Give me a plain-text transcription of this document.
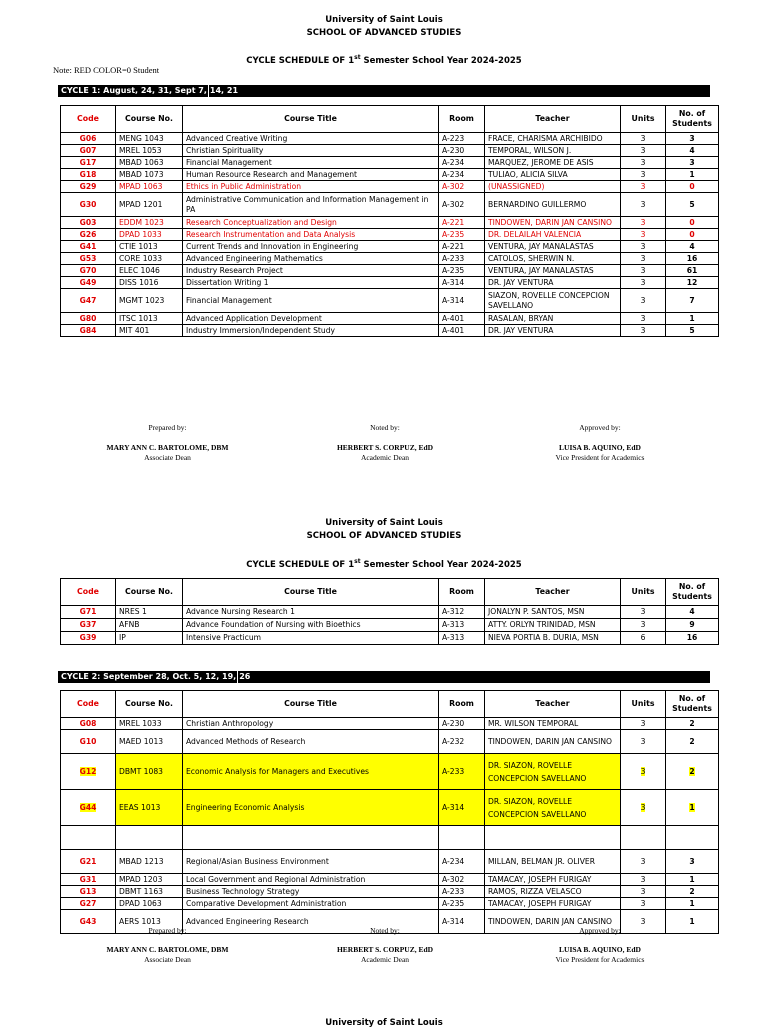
University of Saint Louis
SCHOOL OF ADVANCED STUDIES
CYCLE SCHEDULE OF 1st Semester School Year 2024-2025
Note: RED COLOR=0 Student
CYCLE 1: August, 24, 31, Sept 7, 14, 21
Code	Course No.	Course Title	Room	Teacher	Units	No. of Students
G06	MENG 1043	Advanced Creative Writing	A-223	FRACE, CHARISMA ARCHIBIDO	3	3
G07	MREL 1053	Christian Spirituality	A-230	TEMPORAL, WILSON J.	3	4
G17	MBAD 1063	Financial Management	A-234	MARQUEZ, JEROME DE ASIS	3	3
G18	MBAD 1073	Human Resource Research and Management	A-234	TULIAO, ALICIA SILVA	3	1
G29	MPAD 1063	Ethics in Public Administration	A-302	(UNASSIGNED)	3	0
G30	MPAD 1201	Administrative Communication and Information Management in PA	A-302	BERNARDINO GUILLERMO	3	5
G03	EDDM 1023	Research Conceptualization and Design	A-221	TINDOWEN, DARIN JAN CANSINO	3	0
G26	DPAD 1033	Research Instrumentation and Data Analysis	A-235	DR. DELAILAH VALENCIA	3	0
G41	CTIE 1013	Current Trends and Innovation in Engineering	A-221	VENTURA, JAY MANALASTAS	3	4
G53	CORE 1033	Advanced Engineering Mathematics	A-233	CATOLOS, SHERWIN N.	3	16
G70	ELEC 1046	Industry Research Project	A-235	VENTURA, JAY MANALASTAS	3	61
G49	DISS 1016	Dissertation Writing 1	A-314	DR. JAY VENTURA	3	12
G47	MGMT 1023	Financial Management	A-314	SIAZON, ROVELLE CONCEPCION SAVELLANO	3	7
G80	ITSC 1013	Advanced Application Development	A-401	RASALAN, BRYAN	3	1
G84	MIT 401	Industry Immersion/Independent Study	A-401	DR. JAY VENTURA	3	5
Prepared by:
MARY ANN C. BARTOLOME, DBM
Associate Dean
Noted by:
HERBERT S. CORPUZ, EdD
Academic Dean
Approved by:
LUISA B. AQUINO, EdD
Vice President for Academics
University of Saint Louis
SCHOOL OF ADVANCED STUDIES
CYCLE SCHEDULE OF 1st Semester School Year 2024-2025
Code	Course No.	Course Title	Room	Teacher	Units	No. of Students
G71	NRES 1	Advance Nursing Research 1	A-312	JONALYN P. SANTOS, MSN	3	4
G37	AFNB	Advance Foundation of Nursing with Bioethics	A-313	ATTY. ORLYN TRINIDAD, MSN	3	9
G39	IP	Intensive Practicum	A-313	NIEVA PORTIA B. DURIA, MSN	6	16
CYCLE 2: September 28, Oct. 5, 12, 19, 26
Code	Course No.	Course Title	Room	Teacher	Units	No. of Students
G08	MREL 1033	Christian Anthropology	A-230	MR. WILSON TEMPORAL	3	2
G10	MAED 1013	Advanced Methods of Research	A-232	TINDOWEN, DARIN JAN CANSINO	3	2
G12	DBMT 1083	Economic Analysis for Managers and Executives	A-233	DR. SIAZON, ROVELLE CONCEPCION SAVELLANO	3	2
G44	EEAS 1013	Engineering Economic Analysis	A-314	DR. SIAZON, ROVELLE CONCEPCION SAVELLANO	3	1

G21	MBAD 1213	Regional/Asian Business Environment	A-234	MILLAN, BELMAN JR. OLIVER	3	3
G31	MPAD 1203	Local Government and Regional Administration	A-302	TAMACAY, JOSEPH FURIGAY	3	1
G13	DBMT 1163	Business Technology Strategy	A-233	RAMOS, RIZZA VELASCO	3	2
G27	DPAD 1063	Comparative Development Administration	A-235	TAMACAY, JOSEPH FURIGAY	3	1
G43	AERS 1013	Advanced Engineering Research	A-314	TINDOWEN, DARIN JAN CANSINO	3	1
Prepared by:
MARY ANN C. BARTOLOME, DBM
Associate Dean
Noted by:
HERBERT S. CORPUZ, EdD
Academic Dean
Approved by:
LUISA B. AQUINO, EdD
Vice President for Academics
University of Saint Louis
